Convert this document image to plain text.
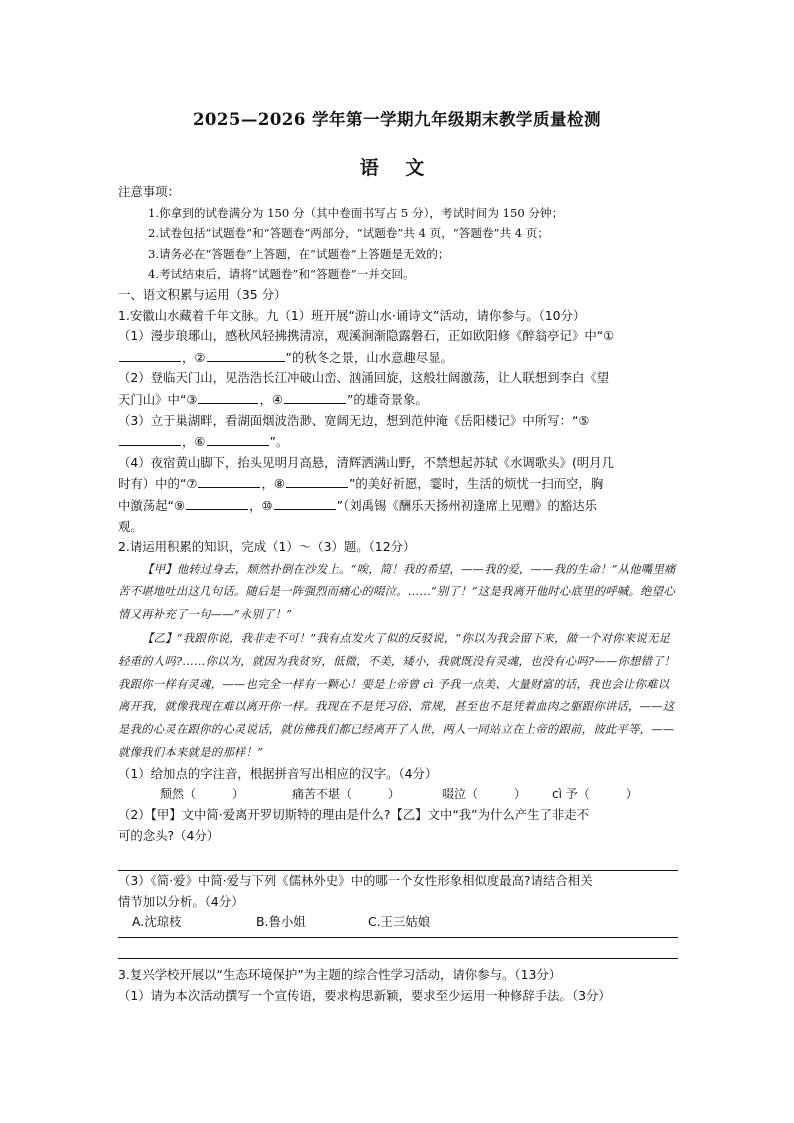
2025—2026 学年第一学期九年级期末教学质量检测
语 文

注意事项：

1.你拿到的试卷满分为 150 分（其中卷面书写占 5 分），考试时间为 150 分钟；

2.试卷包括“试题卷”和“答题卷”两部分，“试题卷”共 4 页，“答题卷”共 4 页；

3.请务必在“答题卷”上答题，在“试题卷”上答题是无效的；

4.考试结束后，请将“试题卷”和“答题卷”一并交回。

一、语文积累与运用（35 分）

1.安徽山水藏着千年文脉。九（1）班开展“游山水·诵诗文”活动，请你参与。（10分）

（1）漫步琅琊山，感秋风轻拂携清凉，观溪涧渐隐露磐石，正如欧阳修《醉翁亭记》中“①

，②	”的秋冬之景，山水意趣尽显。

（2）登临天门山，见浩浩长江冲破山峦、汹涌回旋，这般壮阔激荡，让人联想到李白《望

天门山》中“③	，④	”的雄奇景象。

（3）立于巢湖畔，看湖面烟波浩渺、宽阔无边，想到范仲淹《岳阳楼记》中所写：“⑤

，⑥	”。

（4）夜宿黄山脚下，抬头见明月高悬，清辉洒满山野，不禁想起苏轼《水调歌头》(明月几

时有）中的“⑦	，⑧	”的美好祈愿，霎时，生活的烦忧一扫而空，胸

中激荡起“⑨	，⑩	”（刘禹锡《酬乐天扬州初逢席上见赠》的豁达乐

观。

2.请运用积累的知识，完成（1）～（3）题。（12分）

【甲】他转过身去，颓然扑倒在沙发上。“唉，简！我的希望，——我的爱，——我的生命！”从他嘴里痛苦不堪地吐出这几句话。随后是一阵强烈而痛心的啜泣。……“别了！”这是我离开他时心底里的呼喊。绝望心情又再补充了一句——“永别了！”

【乙】“我跟你说，我非走不可！”我有点发火了似的反驳说，“你以为我会留下来，做一个对你来说无足轻重的人吗?……你以为，就因为我贫穷，低微，不美，矮小，我就既没有灵魂，也没有心吗?——你想错了！我跟你一样有灵魂，——也完全一样有一颗心！要是上帝曾 cì 予我一点美、大量财富的话，我也会让你难以离开我，就像我现在难以离开你一样。我现在不是凭习俗、常规，甚至也不是凭着血肉之躯跟你讲话，——这是我的心灵在跟你的心灵说话，就仿佛我们都已经离开了人世，两人一同站立在上帝的跟前，彼此平等，——就像我们本来就是的那样！”

（1）给加点的字注音，根据拼音写出相应的汉字。（4分）

颓然（　　　）	痛苦不堪（　　　）	啜泣（　　　） cì 予（　　　）

（2）【甲】文中简·爱离开罗切斯特的理由是什么?【乙】文中“我”为什么产生了非走不

可的念头?（4分）

（3）《简·爱》中简·爱与下列《儒林外史》中的哪一个女性形象相似度最高?请结合相关

情节加以分析。（4分）

A.沈琼枝	B.鲁小姐	C.王三姑娘

3.复兴学校开展以“生态环境保护”为主题的综合性学习活动，请你参与。（13分）

（1）请为本次活动撰写一个宣传语，要求构思新颖，要求至少运用一种修辞手法。（3分）
